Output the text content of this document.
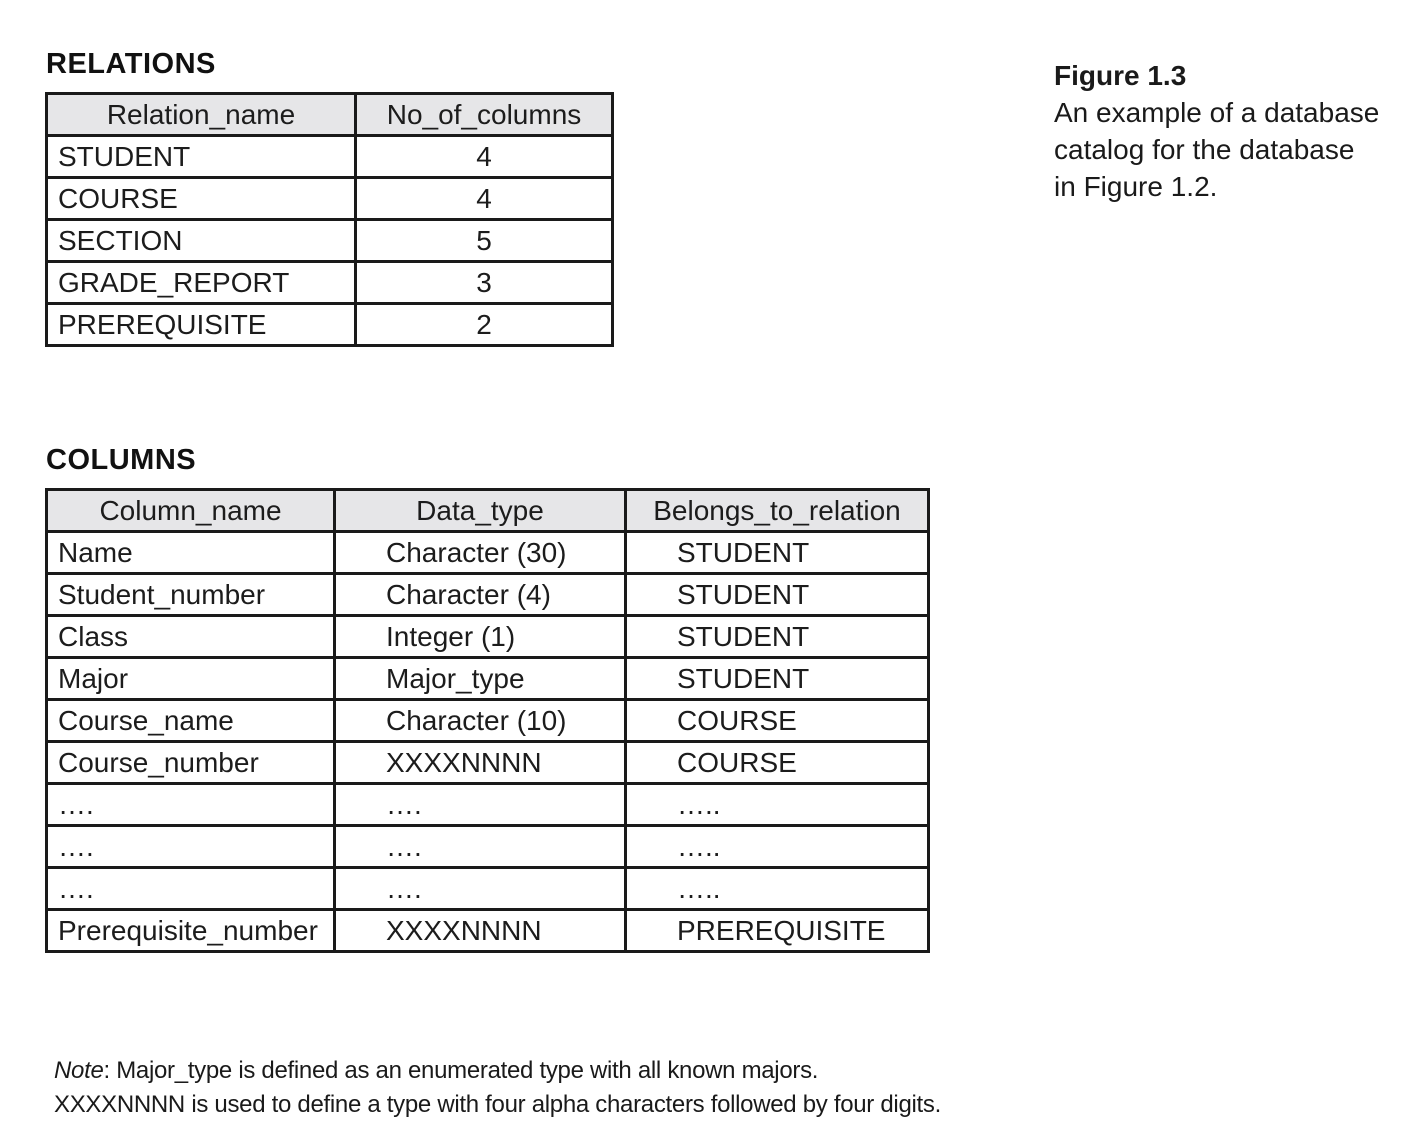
RELATIONS
Relation_name	No_of_columns
STUDENT	4
COURSE	4
SECTION	5
GRADE_REPORT	3
PREREQUISITE	2
COLUMNS
Column_name	Data_type	Belongs_to_relation
Name	Character (30)	STUDENT
Student_number	Character (4)	STUDENT
Class	Integer (1)	STUDENT
Major	Major_type	STUDENT
Course_name	Character (10)	COURSE
Course_number	XXXXNNNN	COURSE
….	….	…..
….	….	…..
….	….	…..
Prerequisite_number	XXXXNNNN	PREREQUISITE
Figure 1.3
An example of a database
catalog for the database
in Figure 1.2.
Note: Major_type is defined as an enumerated type with all known majors.
XXXXNNNN is used to define a type with four alpha characters followed by four digits.
